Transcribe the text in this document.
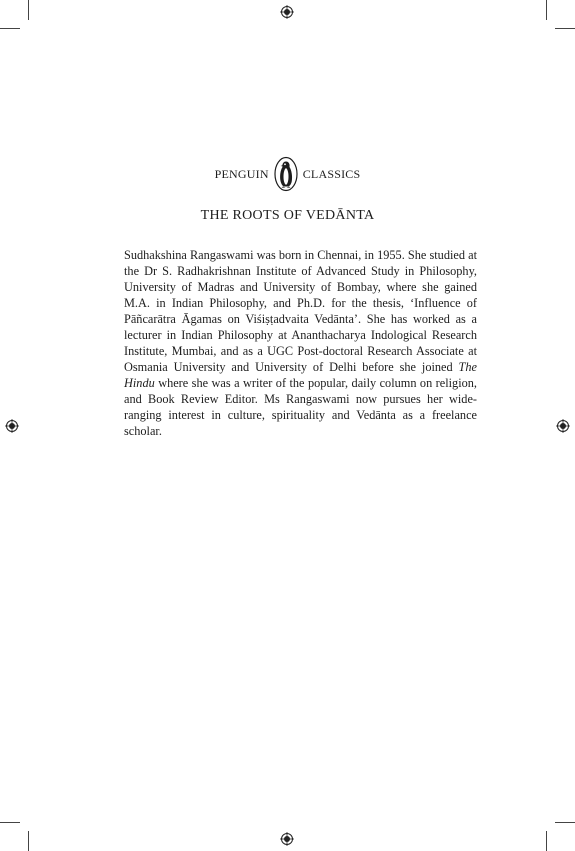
PENGUIN	CLASSICS
THE ROOTS OF VEDĀNTA

Sudhakshina Rangaswami was born in Chennai, in 1955. She studied at the Dr S. Radhakrishnan Institute of Advanced Study in Philosophy, University of Madras and University of Bombay, where she gained M.A. in Indian Philosophy, and Ph.D. for the thesis, ‘Influence of Pāñcarātra Āgamas on Viśiṣṭadvaita Vedānta’. She has worked as a lecturer in Indian Philosophy at Ananthacharya Indological Research Institute, Mumbai, and as a UGC Post-doctoral Research Associate at Osmania University and University of Delhi before she joined The Hindu where she was a writer of the popular, daily column on religion, and Book Review Editor. Ms Rangaswami now pursues her wide-ranging interest in culture, spirituality and Vedānta as a freelance scholar.
